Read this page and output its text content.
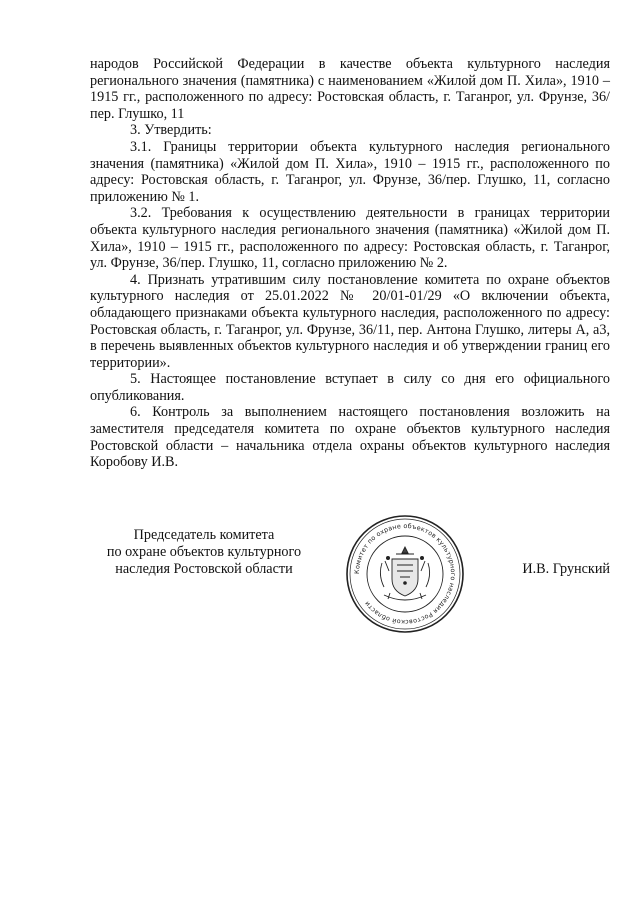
народов Российской Федерации в качестве объекта культурного наследия регионального значения (памятника) с наименованием «Жилой дом П. Хила», 1910 – 1915 гг., расположенного по адресу: Ростовская область, г. Таганрог, ул. Фрунзе, 36/пер. Глушко, 11

3. Утвердить:

3.1. Границы территории объекта культурного наследия регионального значения (памятника) «Жилой дом П. Хила», 1910 – 1915 гг., расположенного по адресу: Ростовская область, г. Таганрог, ул. Фрунзе, 36/пер. Глушко, 11, согласно приложению № 1.

3.2. Требования к осуществлению деятельности в границах территории объекта культурного наследия регионального значения (памятника) «Жилой дом П. Хила», 1910 – 1915 гг., расположенного по адресу: Ростовская область, г. Таганрог, ул. Фрунзе, 36/пер. Глушко, 11, согласно приложению № 2.

4. Признать утратившим силу постановление комитета по охране объектов культурного наследия от 25.01.2022 № 20/01-01/29 «О включении объекта, обладающего признаками объекта культурного наследия, расположенного по адресу: Ростовская область, г. Таганрог, ул. Фрунзе, 36/11, пер. Антона Глушко, литеры А, а3, в перечень выявленных объектов культурного наследия и об утверждении границ его территории».

5. Настоящее постановление вступает в силу со дня его официального опубликования.

6. Контроль за выполнением настоящего постановления возложить на заместителя председателя комитета по охране объектов культурного наследия Ростовской области – начальника отдела охраны объектов культурного наследия Коробову И.В.

Председатель комитета
по охране объектов культурного
наследия Ростовской области	Комитет по охране объектов культурного наследия Ростовской области
И.В. Грунский
